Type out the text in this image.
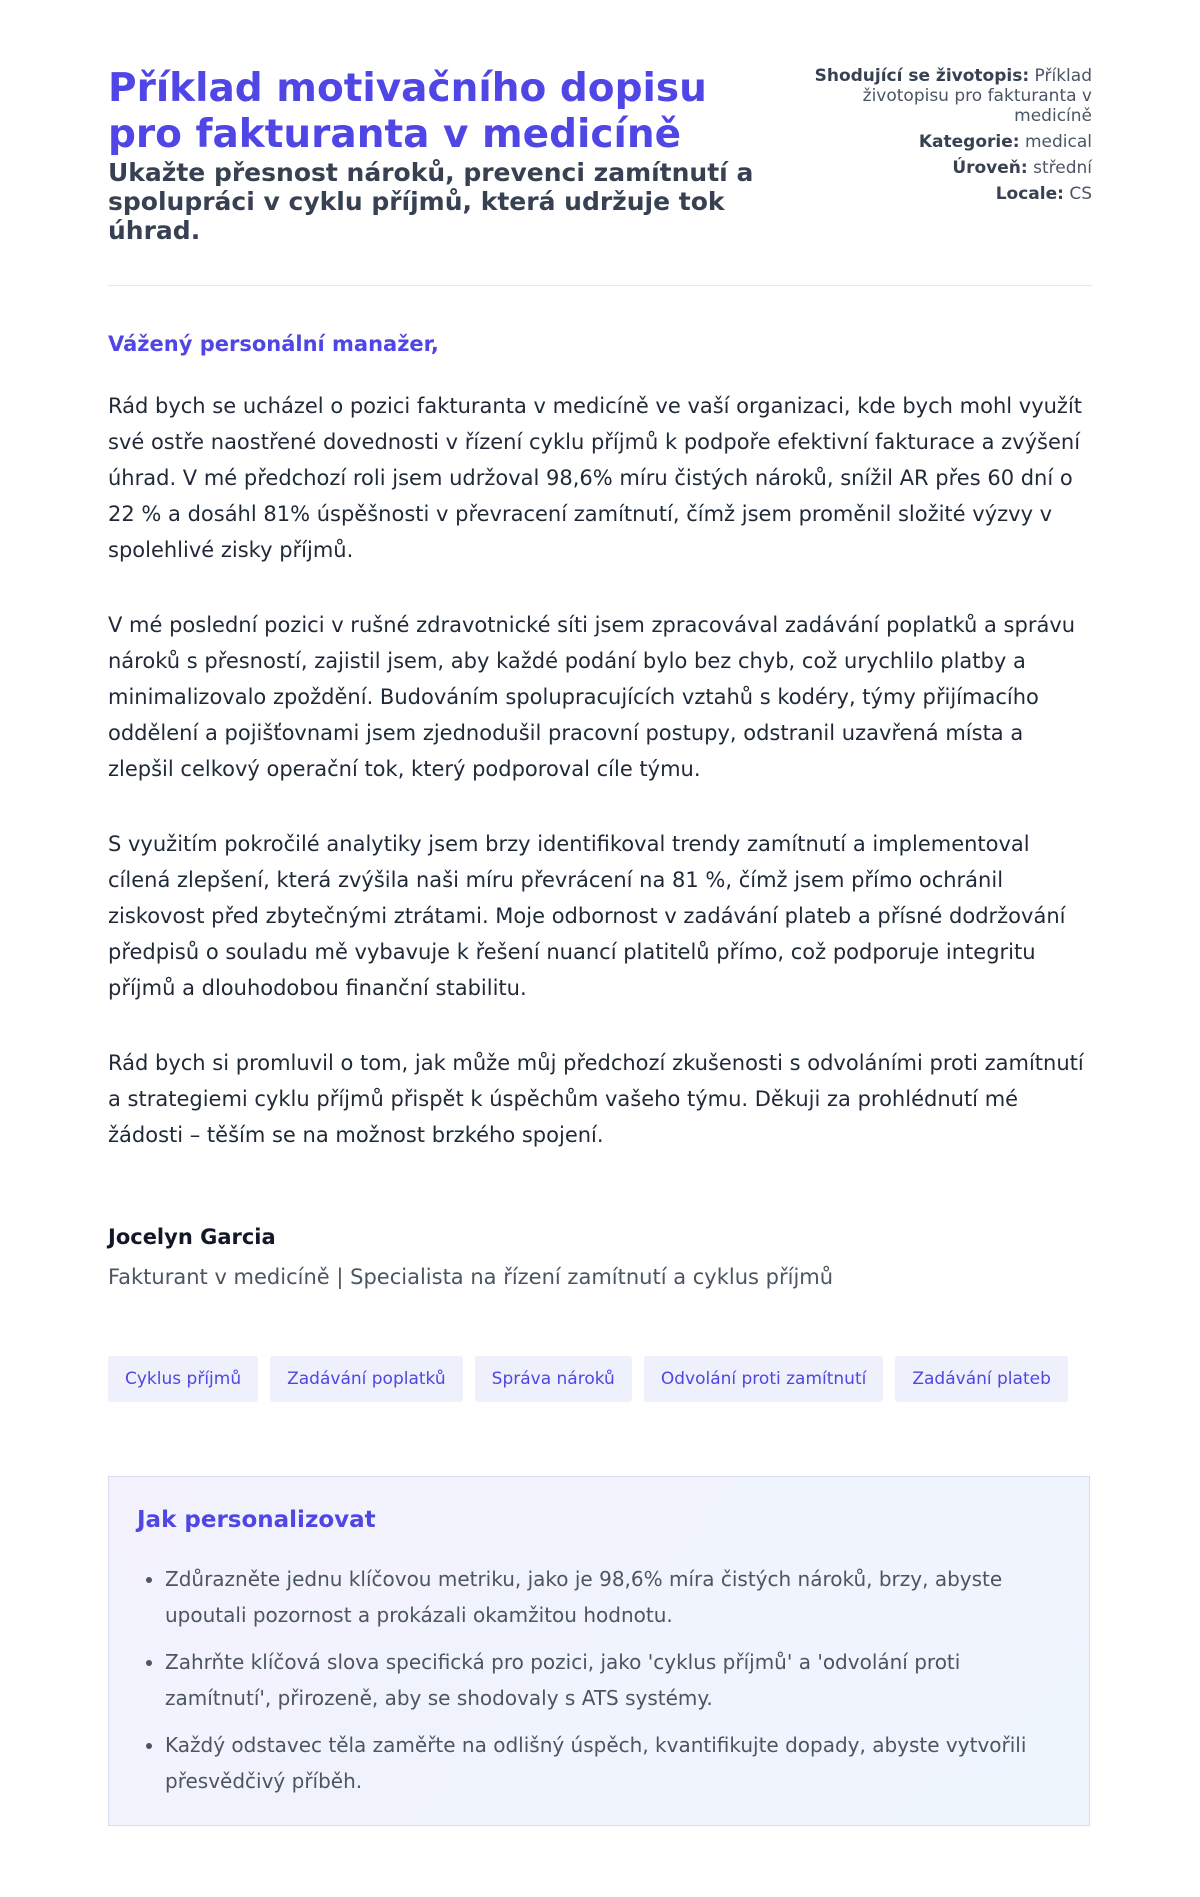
Příklad motivačního dopisu pro fakturanta v medicíně

Ukažte přesnost nároků, prevenci zamítnutí a spolupráci v cyklu příjmů, která udržuje tok úhrad.

Shodující se životopis: Příklad životopisu pro fakturanta v medicíně

Kategorie: medical

Úroveň: střední

Locale: CS

Vážený personální manažer,

Rád bych se ucházel o pozici fakturanta v medicíně ve vaší organizaci, kde bych mohl využít své ostře naostřené dovednosti v řízení cyklu příjmů k podpoře efektivní fakturace a zvýšení úhrad. V mé předchozí roli jsem udržoval 98,6% míru čistých nároků, snížil AR přes 60 dní o 22 % a dosáhl 81% úspěšnosti v převracení zamítnutí, čímž jsem proměnil složité výzvy v spolehlivé zisky příjmů.

V mé poslední pozici v rušné zdravotnické síti jsem zpracovával zadávání poplatků a správu nároků s přesností, zajistil jsem, aby každé podání bylo bez chyb, což urychlilo platby a minimalizovalo zpoždění. Budováním spolupracujících vztahů s kodéry, týmy přijímacího oddělení a pojišťovnami jsem zjednodušil pracovní postupy, odstranil uzavřená místa a zlepšil celkový operační tok, který podporoval cíle týmu.

S využitím pokročilé analytiky jsem brzy identifikoval trendy zamítnutí a implementoval cílená zlepšení, která zvýšila naši míru převrácení na 81 %, čímž jsem přímo ochránil ziskovost před zbytečnými ztrátami. Moje odbornost v zadávání plateb a přísné dodržování předpisů o souladu mě vybavuje k řešení nuancí platitelů přímo, což podporuje integritu příjmů a dlouhodobou finanční stabilitu.

Rád bych si promluvil o tom, jak může můj předchozí zkušenosti s odvoláními proti zamítnutí a strategiemi cyklu příjmů přispět k úspěchům vašeho týmu. Děkuji za prohlédnutí mé žádosti – těším se na možnost brzkého spojení.

Jocelyn Garcia

Fakturant v medicíně | Specialista na řízení zamítnutí a cyklus příjmů

Cyklus příjmů	Zadávání poplatků	Správa nároků	Odvolání proti zamítnutí	Zadávání plateb
Jak personalizovat
• Zdůrazněte jednu klíčovou metriku, jako je 98,6% míra čistých nároků, brzy, abyste upoutali pozornost a prokázali okamžitou hodnotu.
• Zahrňte klíčová slova specifická pro pozici, jako 'cyklus příjmů' a 'odvolání proti zamítnutí', přirozeně, aby se shodovaly s ATS systémy.
• Každý odstavec těla zaměřte na odlišný úspěch, kvantifikujte dopady, abyste vytvořili přesvědčivý příběh.
